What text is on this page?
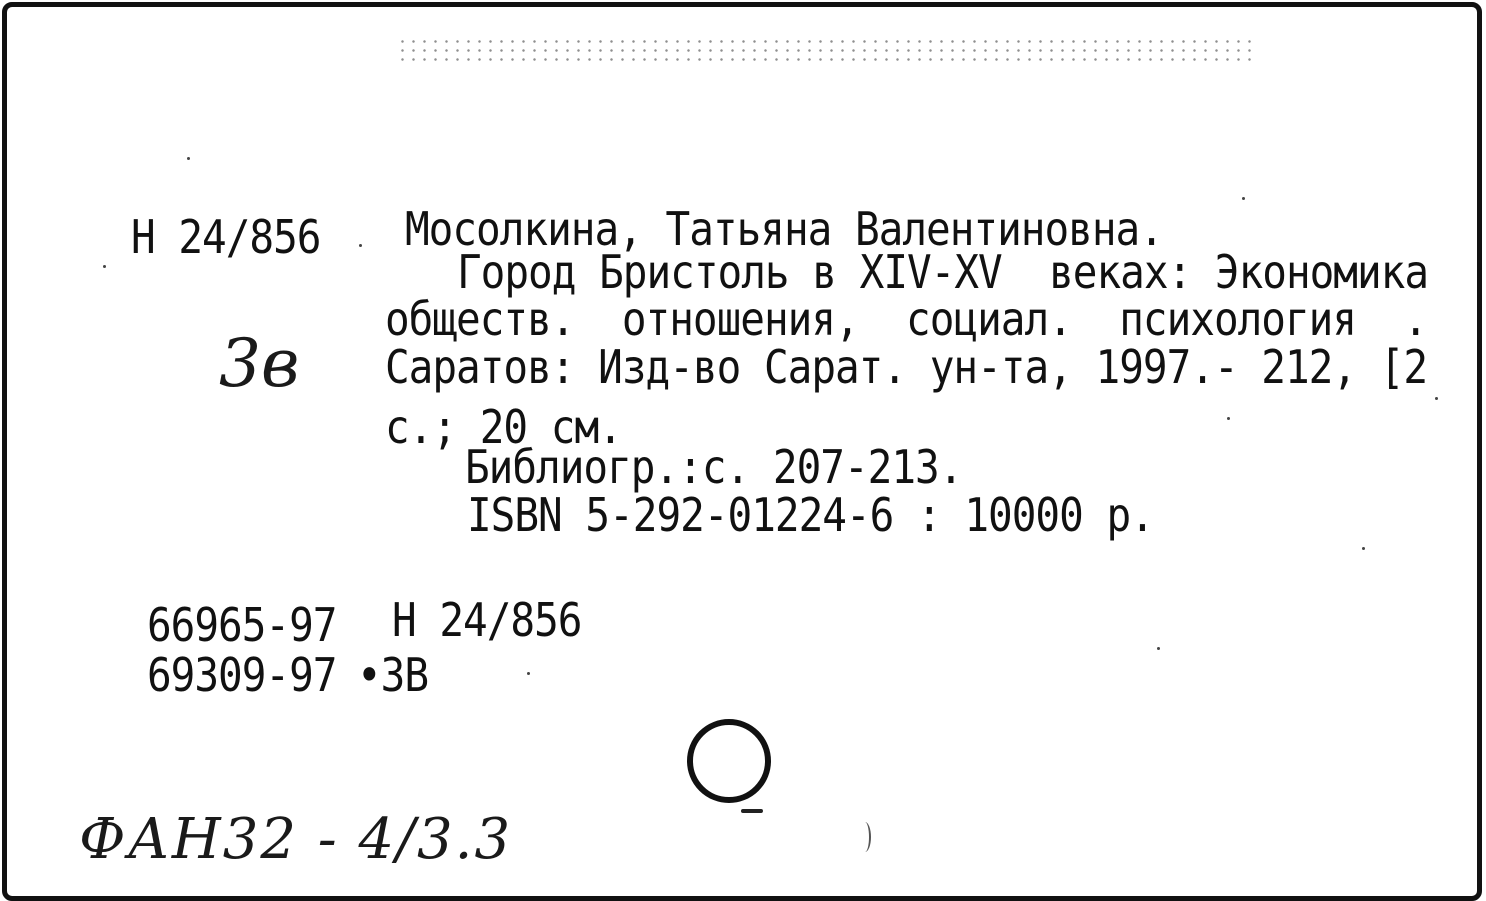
Н 24/856 Мосолкина, Татьяна Валентиновна.
Город Бристоль в XIV-XV  веках: Экономика
обществ.  отношения,  социал.  психология  .
Саратов: Изд-во Сарат. ун-та, 1997.- 212, [2
с.; 20 см.
Библиогр.:с. 207-213.
ISBN 5-292-01224-6 : 10000 р.
66965-97 Н 24/856
69309-97 •3В
3в
ФАН32 - 4/3.3
